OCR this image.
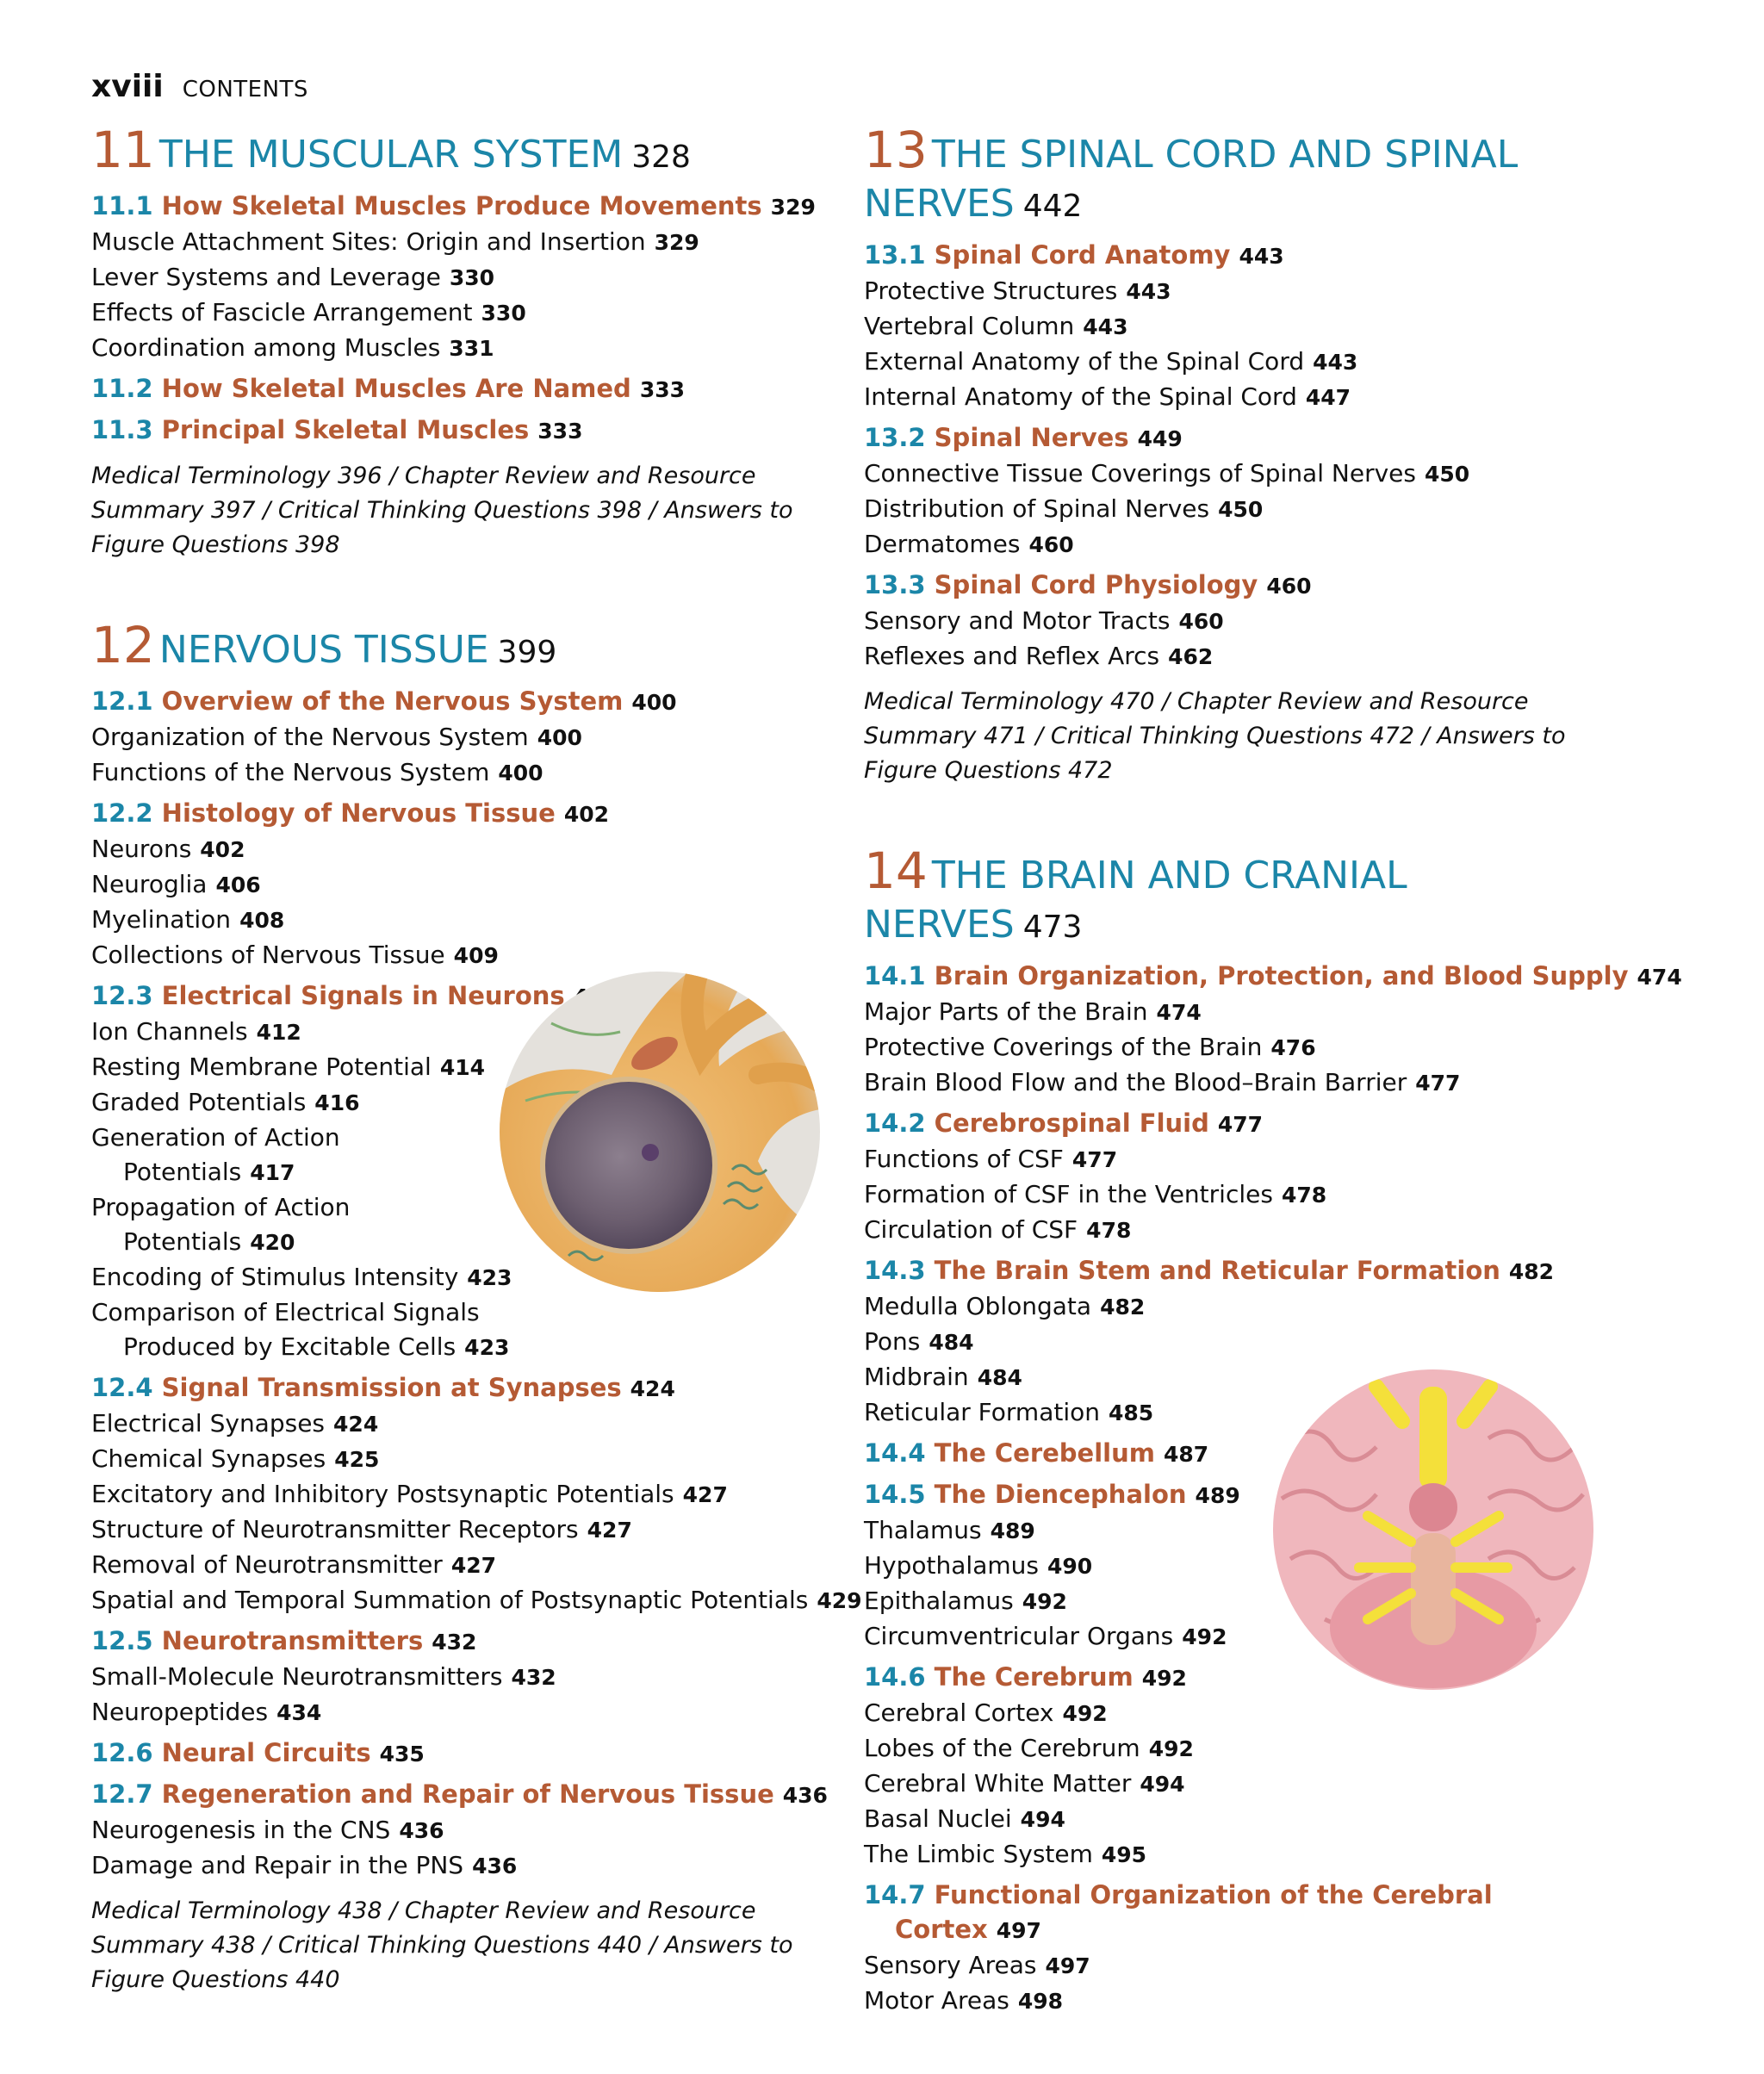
xviii CONTENTS
11 THE MUSCULAR SYSTEM 328
11.1 How Skeletal Muscles Produce Movements 329
Muscle Attachment Sites: Origin and Insertion 329
Lever Systems and Leverage 330
Effects of Fascicle Arrangement 330
Coordination among Muscles 331
11.2 How Skeletal Muscles Are Named 333
11.3 Principal Skeletal Muscles 333
Medical Terminology 396 / Chapter Review and Resource
Summary 397 / Critical Thinking Questions 398 / Answers to
Figure Questions 398
12 NERVOUS TISSUE 399
12.1 Overview of the Nervous System 400
Organization of the Nervous System 400
Functions of the Nervous System 400
12.2 Histology of Nervous Tissue 402
Neurons 402
Neuroglia 406
Myelination 408
Collections of Nervous Tissue 409
12.3 Electrical Signals in Neurons
Ion Channels 412
Resting Membrane Potential 414
Graded Potentials 416
Generation of Action
Potentials 417
Propagation of Action
Potentials 420
Encoding of Stimulus Intensity 423
Comparison of Electrical Signals
Produced by Excitable Cells 423
12.4 Signal Transmission at Synapses 424
Electrical Synapses 424
Chemical Synapses 425
Excitatory and Inhibitory Postsynaptic Potentials 427
Structure of Neurotransmitter Receptors 427
Removal of Neurotransmitter 427
Spatial and Temporal Summation of Postsynaptic Potentials 429
12.5 Neurotransmitters 432
Small-Molecule Neurotransmitters 432
Neuropeptides 434
12.6 Neural Circuits 435
12.7 Regeneration and Repair of Nervous Tissue 436
Neurogenesis in the CNS 436
Damage and Repair in the PNS 436
Medical Terminology 438 / Chapter Review and Resource
Summary 438 / Critical Thinking Questions 440 / Answers to
Figure Questions 440
13 THE SPINAL CORD AND SPINAL
NERVES 442
13.1 Spinal Cord Anatomy 443
Protective Structures 443
Vertebral Column 443
External Anatomy of the Spinal Cord 443
Internal Anatomy of the Spinal Cord 447
13.2 Spinal Nerves 449
Connective Tissue Coverings of Spinal Nerves 450
Distribution of Spinal Nerves 450
Dermatomes 460
13.3 Spinal Cord Physiology 460
Sensory and Motor Tracts 460
Reflexes and Reflex Arcs 462
Medical Terminology 470 / Chapter Review and Resource
Summary 471 / Critical Thinking Questions 472 / Answers to
Figure Questions 472
14 THE BRAIN AND CRANIAL
NERVES 473
14.1 Brain Organization, Protection, and Blood Supply 474
Major Parts of the Brain 474
Protective Coverings of the Brain 476
Brain Blood Flow and the Blood–Brain Barrier 477
14.2 Cerebrospinal Fluid 477
Functions of CSF 477
Formation of CSF in the Ventricles 478
Circulation of CSF 478
14.3 The Brain Stem and Reticular Formation 482
Medulla Oblongata 482
Pons 484
Midbrain 484
Reticular Formation 485
14.4 The Cerebellum 487
14.5 The Diencephalon 489
Thalamus 489
Hypothalamus 490
Epithalamus 492
Circumventricular Organs 492
14.6 The Cerebrum 492
Cerebral Cortex 492
Lobes of the Cerebrum 492
Cerebral White Matter 494
Basal Nuclei 494
The Limbic System 495
14.7 Functional Organization of the Cerebral
Cortex 497
Sensory Areas 497
Motor Areas 498
